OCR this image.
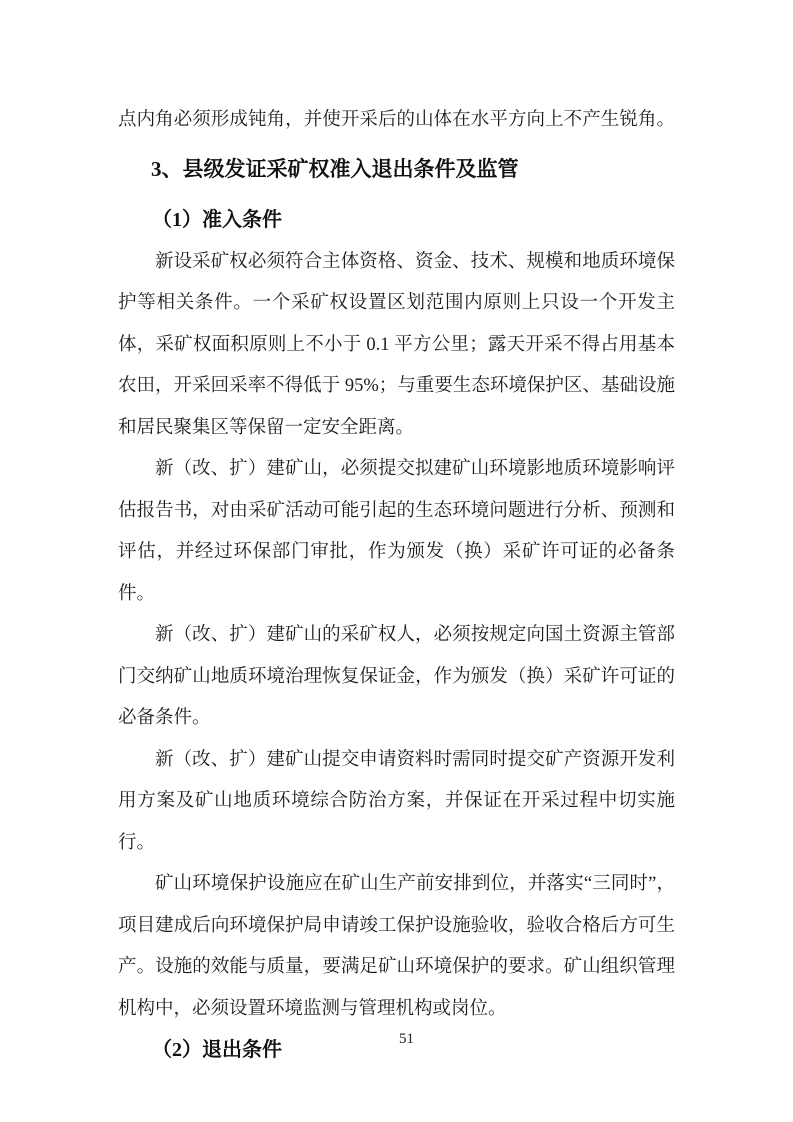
点内角必须形成钝角，并使开采后的山体在水平方向上不产生锐角。
3、县级发证采矿权准入退出条件及监管
（1）准入条件
新设采矿权必须符合主体资格、资金、技术、规模和地质环境保
护等相关条件。一个采矿权设置区划范围内原则上只设一个开发主
体，采矿权面积原则上不小于 0.1 平方公里；露天开采不得占用基本
农田，开采回采率不得低于 95%；与重要生态环境保护区、基础设施
和居民聚集区等保留一定安全距离。
新（改、扩）建矿山，必须提交拟建矿山环境影地质环境影响评
估报告书，对由采矿活动可能引起的生态环境问题进行分析、预测和
评估，并经过环保部门审批，作为颁发（换）采矿许可证的必备条件。
新（改、扩）建矿山的采矿权人，必须按规定向国土资源主管部
门交纳矿山地质环境治理恢复保证金，作为颁发（换）采矿许可证的
必备条件。
新（改、扩）建矿山提交申请资料时需同时提交矿产资源开发利
用方案及矿山地质环境综合防治方案，并保证在开采过程中切实施
行。
矿山环境保护设施应在矿山生产前安排到位，并落实“三同时”，
项目建成后向环境保护局申请竣工保护设施验收，验收合格后方可生
产。设施的效能与质量，要满足矿山环境保护的要求。矿山组织管理
机构中，必须设置环境监测与管理机构或岗位。
（2）退出条件	51
